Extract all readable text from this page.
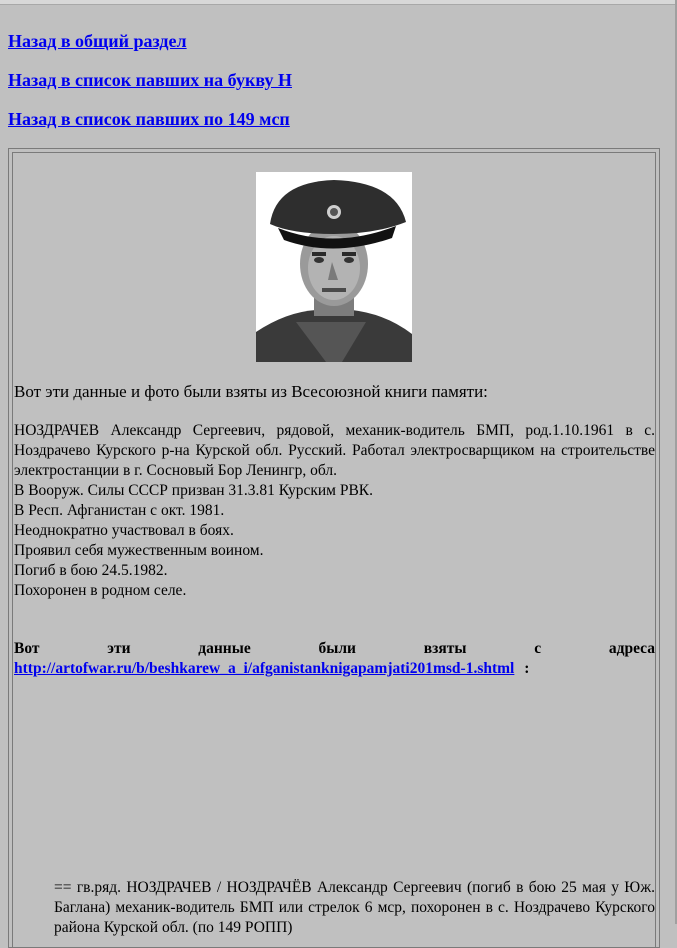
Назад в общий раздел
Назад в список павших на букву Н
Назад в список павших по 149 мсп
Вот эти данные и фото были взяты из Всесоюзной книги памяти:
НОЗДРАЧЕВ Александр Сергеевич, рядовой, механик-водитель БМП, род.1.10.1961 в с. Ноздрачево Курского р-на Курской обл. Русский. Работал электросварщиком на строительстве электростанции в г. Сосновый Бор Ленингр, обл.
В Вооруж. Силы СССР призван 31.3.81 Курским РВК.
В Респ. Афганистан с окт. 1981.
Неоднократно участвовал в боях.
Проявил себя мужественным воином.
Погиб в бою 24.5.1982.
Похоронен в родном селе.
Вот	эти	данные	были	взяты	с	адреса
http://artofwar.ru/b/beshkarew_a_i/afganistanknigapamjati201msd-1.shtml :
== гв.ряд. НОЗДРАЧЕВ / НОЗДРАЧЁВ Александр Сергеевич (погиб в бою 25 мая у Юж. Баглана) механик-водитель БМП или стрелок 6 мср, похоронен в с. Ноздрачево Курского района Курской обл. (по 149 РОПП)
